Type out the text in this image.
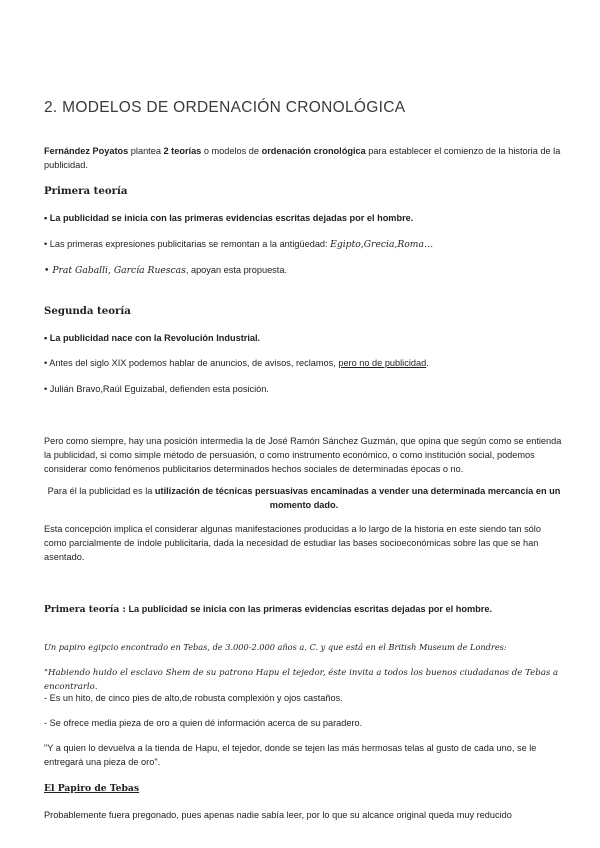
2. MODELOS DE ORDENACIÓN CRONOLÓGICA

Fernández Poyatos plantea 2 teorías o modelos de ordenación cronológica para establecer el comienzo de la historia de la publicidad.

Primera teoría

• La publicidad se inicia con las primeras evidencias escritas dejadas por el hombre.

• Las primeras expresiones publicitarias se remontan a la antigüedad: Egipto,Grecia,Roma…

• Prat Gaballi, García Ruescas, apoyan esta propuesta.

Segunda teoría

• La publicidad nace con la Revolución Industrial.

• Antes del siglo XIX podemos hablar de anuncios, de avisos, reclamos, pero no de publicidad.

• Julián Bravo,Raúl Eguizabal, defienden esta posición.

Pero como siempre, hay una posición intermedia la de José Ramón Sánchez Guzmán, que opina que según como se entienda la publicidad, si como simple método de persuasión, o como instrumento económico, o como institución social, podemos considerar como fenómenos publicitarios determinados hechos sociales de determinadas épocas o no.

Para él la publicidad es la utilización de técnicas persuasivas encaminadas a vender una determinada mercancía en un momento dado.

Esta concepción implica el considerar algunas manifestaciones producidas a lo largo de la historia en este siendo tan sólo como parcialmente de índole publicitaria, dada la necesidad de estudiar las bases socioeconómicas sobre las que se han asentado.

Primera teoría : La publicidad se inicia con las primeras evidencias escritas dejadas por el hombre.

Un papiro egipcio encontrado en Tebas, de 3.000-2.000 años a. C. y que está en el British Museum de Londres:

"Habiendo huido el esclavo Shem de su patrono Hapu el tejedor, éste invita a todos los buenos ciudadanos de Tebas a encontrarlo.

- Es un hito, de cinco pies de alto,de robusta complexión y ojos castaños.

- Se ofrece media pieza de oro a quien dé información acerca de su paradero.

"Y a quien lo devuelva a la tienda de Hapu, el tejedor, donde se tejen las más hermosas telas al gusto de cada uno, se le entregará una pieza de oro".

El Papiro de Tebas

Probablemente fuera pregonado, pues apenas nadie sabía leer, por lo que su alcance original queda muy reducido
